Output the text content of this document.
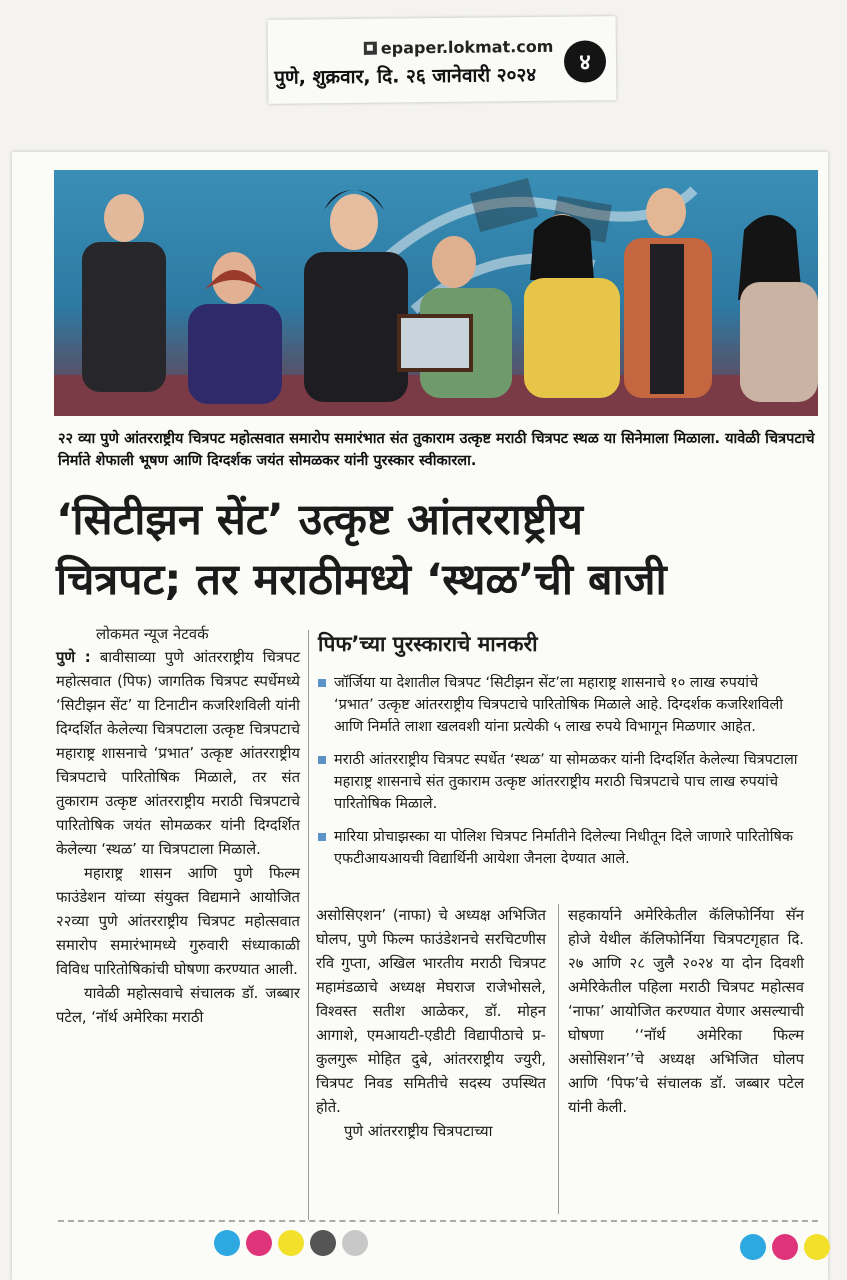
epaper.lokmat.com
पुणे, शुक्रवार, दि. २६ जानेवारी २०२४
४
२२ व्या पुणे आंतरराष्ट्रीय चित्रपट महोत्सवात समारोप समारंभात संत तुकाराम उत्कृष्ट मराठी चित्रपट स्थळ या सिनेमाला मिळाला. यावेळी चित्रपटाचे निर्माते शेफाली भूषण आणि दिग्दर्शक जयंत सोमळकर यांनी पुरस्कार स्वीकारला.
‘सिटीझन सेंट’ उत्कृष्ट आंतरराष्ट्रीय
चित्रपट; तर मराठीमध्ये ‘स्थळ’ची बाजी
लोकमत न्यूज नेटवर्क

पुणे : बावीसाव्या पुणे आंतरराष्ट्रीय चित्रपट महोत्सवात (पिफ) जागतिक चित्रपट स्पर्धेमध्ये ‘सिटीझन सेंट’ या टिनाटीन कजरिशविली यांनी दिग्दर्शित केलेल्या चित्रपटाला उत्कृष्ट चित्रपटाचे महाराष्ट्र शासनाचे ‘प्रभात’ उत्कृष्ट आंतरराष्ट्रीय चित्रपटाचे पारितोषिक मिळाले, तर संत तुकाराम उत्कृष्ट आंतरराष्ट्रीय मराठी चित्रपटाचे पारितोषिक जयंत सोमळकर यांनी दिग्दर्शित केलेल्या ‘स्थळ’ या चित्रपटाला मिळाले.

महाराष्ट्र शासन आणि पुणे फिल्म फाउंडेशन यांच्या संयुक्त विद्यमाने आयोजित २२व्या पुणे आंतरराष्ट्रीय चित्रपट महोत्सवात समारोप समारंभामध्ये गुरुवारी संध्याकाळी विविध पारितोषिकांची घोषणा करण्यात आली.

यावेळी महोत्सवाचे संचालक डॉ. जब्बार पटेल, ‘नॉर्थ अमेरिका मराठी

पिफ’च्या पुरस्काराचे मानकरी
जॉर्जिया या देशातील चित्रपट ‘सिटीझन सेंट’ला महाराष्ट्र शासनाचे १० लाख रुपयांचे ‘प्रभात’ उत्कृष्ट आंतरराष्ट्रीय चित्रपटाचे पारितोषिक मिळाले आहे. दिग्दर्शक कजरिशविली आणि निर्माते लाशा खलवशी यांना प्रत्येकी ५ लाख रुपये विभागून मिळणार आहेत.
मराठी आंतरराष्ट्रीय चित्रपट स्पर्धेत ‘स्थळ’ या सोमळकर यांनी दिग्दर्शित केलेल्या चित्रपटाला महाराष्ट्र शासनाचे संत तुकाराम उत्कृष्ट आंतरराष्ट्रीय मराठी चित्रपटाचे पाच लाख रुपयांचे पारितोषिक मिळाले.
मारिया प्रोचाझस्का या पोलिश चित्रपट निर्मातीने दिलेल्या निधीतून दिले जाणारे पारितोषिक एफटीआयआयची विद्यार्थिनी आयेशा जैनला देण्यात आले.

असोसिएशन’ (नाफा) चे अध्यक्ष अभिजित घोलप, पुणे फिल्म फाउंडेशनचे सरचिटणीस रवि गुप्ता, अखिल भारतीय मराठी चित्रपट महामंडळाचे अध्यक्ष मेघराज राजेभोसले, विश्वस्त सतीश आळेकर, डॉ. मोहन आगाशे, एमआयटी-एडीटी विद्यापीठाचे प्र-कुलगुरू मोहित दुबे, आंतरराष्ट्रीय ज्युरी, चित्रपट निवड समितीचे सदस्य उपस्थित होते.

पुणे आंतरराष्ट्रीय चित्रपटाच्या

सहकार्याने अमेरिकेतील कॅलिफोर्निया सॅन होजे येथील कॅलिफोर्निया चित्रपटगृहात दि. २७ आणि २८ जुलै २०२४ या दोन दिवशी अमेरिकेतील पहिला मराठी चित्रपट महोत्सव ‘नाफा’ आयोजित करण्यात येणार असल्याची घोषणा ‘‘नॉर्थ अमेरिका फिल्म असोसिशन’’चे अध्यक्ष अभिजित घोलप आणि ‘पिफ’चे संचालक डॉ. जब्बार पटेल यांनी केली.
